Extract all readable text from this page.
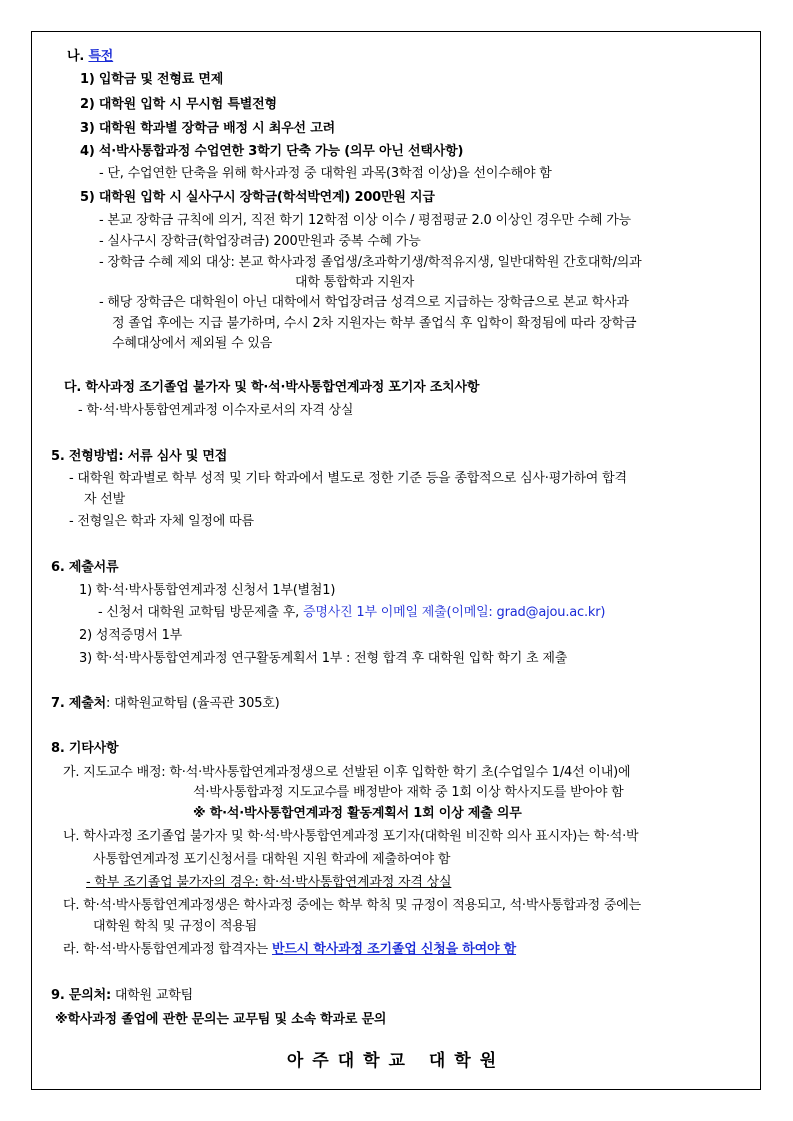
나. 특전
1) 입학금 및 전형료 면제
2) 대학원 입학 시 무시험 특별전형
3) 대학원 학과별 장학금 배정 시 최우선 고려
4) 석·박사통합과정 수업연한 3학기 단축 가능 (의무 아닌 선택사항)
- 단, 수업연한 단축을 위해 학사과정 중 대학원 과목(3학점 이상)을 선이수해야 함
5) 대학원 입학 시 실사구시 장학금(학석박연계) 200만원 지급
- 본교 장학금 규칙에 의거, 직전 학기 12학점 이상 이수 / 평점평균 2.0 이상인 경우만 수혜 가능
- 실사구시 장학금(학업장려금) 200만원과 중복 수혜 가능
- 장학금 수혜 제외 대상: 본교 학사과정 졸업생/초과학기생/학적유지생, 일반대학원 간호대학/의과
대학 통합학과 지원자
- 해당 장학금은 대학원이 아닌 대학에서 학업장려금 성격으로 지급하는 장학금으로 본교 학사과
정 졸업 후에는 지급 불가하며, 수시 2차 지원자는 학부 졸업식 후 입학이 확정됨에 따라 장학금
수혜대상에서 제외될 수 있음
다. 학사과정 조기졸업 불가자 및 학·석·박사통합연계과정 포기자 조치사항
- 학·석·박사통합연계과정 이수자로서의 자격 상실
5. 전형방법: 서류 심사 및 면접
- 대학원 학과별로 학부 성적 및 기타 학과에서 별도로 정한 기준 등을 종합적으로 심사·평가하여 합격
자 선발
- 전형일은 학과 자체 일정에 따름
6. 제출서류
1) 학·석·박사통합연계과정 신청서 1부(별첨1)
- 신청서 대학원 교학팀 방문제출 후, 증명사진 1부 이메일 제출(이메일: grad@ajou.ac.kr)
2) 성적증명서 1부
3) 학·석·박사통합연계과정 연구활동계획서 1부 : 전형 합격 후 대학원 입학 학기 초 제출
7. 제출처: 대학원교학팀 (율곡관 305호)
8. 기타사항
가. 지도교수 배정: 학·석·박사통합연계과정생으로 선발된 이후 입학한 학기 초(수업일수 1/4선 이내)에
석·박사통합과정 지도교수를 배정받아 재학 중 1회 이상 학사지도를 받아야 함
※ 학·석·박사통합연계과정 활동계획서 1회 이상 제출 의무
나. 학사과정 조기졸업 불가자 및 학·석·박사통합연계과정 포기자(대학원 비진학 의사 표시자)는 학·석·박
사통합연계과정 포기신청서를 대학원 지원 학과에 제출하여야 함
- 학부 조기졸업 불가자의 경우: 학·석·박사통합연계과정 자격 상실
다. 학·석·박사통합연계과정생은 학사과정 중에는 학부 학칙 및 규정이 적용되고, 석·박사통합과정 중에는
대학원 학칙 및 규정이 적용됨
라. 학·석·박사통합연계과정 합격자는 반드시 학사과정 조기졸업 신청을 하여야 함
9. 문의처: 대학원 교학팀
※학사과정 졸업에 관한 문의는 교무팀 및 소속 학과로 문의
아주대학교 대학원
